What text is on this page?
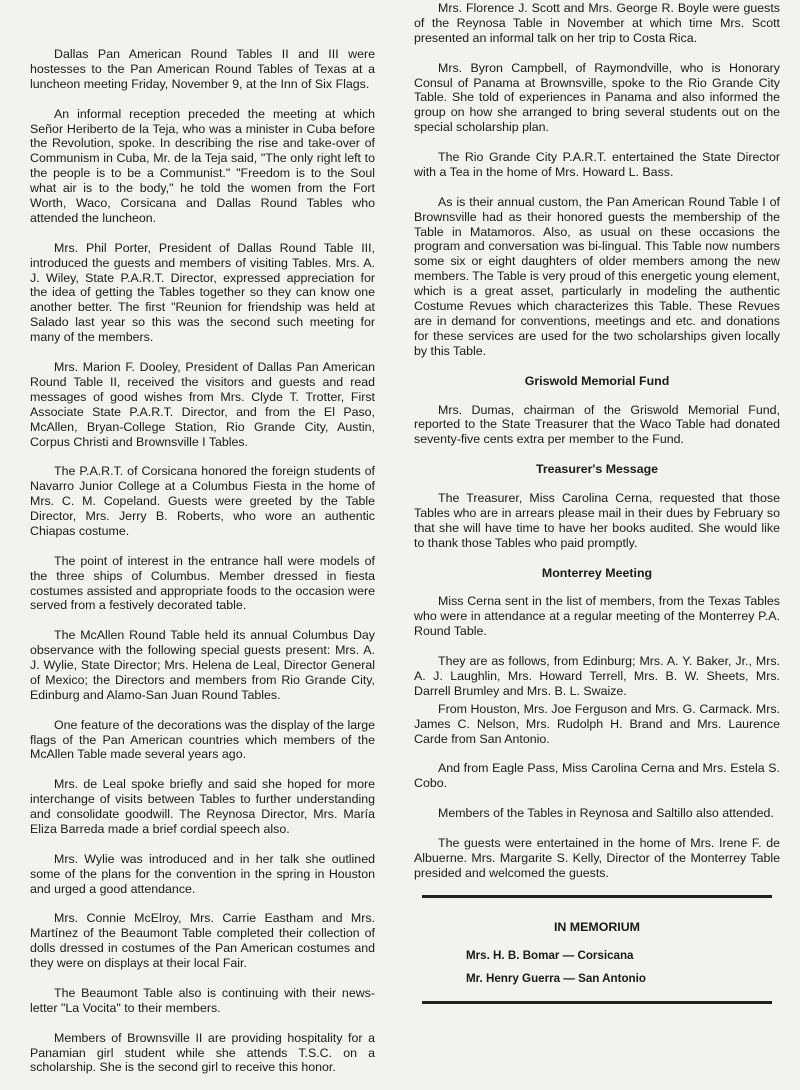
Dallas Pan American Round Tables II and III were hostesses to the Pan American Round Tables of Texas at a luncheon meeting Friday, November 9, at the Inn of Six Flags.

An informal reception preceded the meeting at which Señor Heriberto de la Teja, who was a minister in Cuba before the Revolution, spoke. In describing the rise and take-over of Communism in Cuba, Mr. de la Teja said, "The only right left to the people is to be a Communist." "Freedom is to the Soul what air is to the body," he told the women from the Fort Worth, Waco, Corsicana and Dallas Round Tables who attended the luncheon.

Mrs. Phil Porter, President of Dallas Round Table III, introduced the guests and members of visiting Tables. Mrs. A. J. Wiley, State P.A.R.T. Director, expressed appreciation for the idea of getting the Tables together so they can know one another better. The first "Reunion for friendship was held at Salado last year so this was the second such meeting for many of the members.

Mrs. Marion F. Dooley, President of Dallas Pan American Round Table II, received the visitors and guests and read messages of good wishes from Mrs. Clyde T. Trotter, First Associate State P.A.R.T. Director, and from the El Paso, McAllen, Bryan-College Station, Rio Grande City, Austin, Corpus Christi and Brownsville I Tables.

The P.A.R.T. of Corsicana honored the foreign students of Navarro Junior College at a Columbus Fiesta in the home of Mrs. C. M. Copeland. Guests were greeted by the Table Director, Mrs. Jerry B. Roberts, who wore an authentic Chiapas costume.

The point of interest in the entrance hall were models of the three ships of Columbus. Member dressed in fiesta costumes assisted and appropriate foods to the occasion were served from a festively decorated table.

The McAllen Round Table held its annual Columbus Day observance with the following special guests present: Mrs. A. J. Wylie, State Director; Mrs. Helena de Leal, Director General of Mexico; the Directors and members from Rio Grande City, Edinburg and Alamo-San Juan Round Tables.

One feature of the decorations was the display of the large flags of the Pan American countries which members of the McAllen Table made several years ago.

Mrs. de Leal spoke briefly and said she hoped for more interchange of visits between Tables to further understanding and consolidate goodwill. The Reynosa Director, Mrs. María Eliza Barreda made a brief cordial speech also.

Mrs. Wylie was introduced and in her talk she outlined some of the plans for the convention in the spring in Houston and urged a good attendance.

Mrs. Connie McElroy, Mrs. Carrie Eastham and Mrs. Martínez of the Beaumont Table completed their collection of dolls dressed in costumes of the Pan American costumes and they were on displays at their local Fair.

The Beaumont Table also is continuing with their news-letter "La Vocita" to their members.

Members of Brownsville II are providing hospitality for a Panamian girl student while she attends T.S.C. on a scholarship. She is the second girl to receive this honor.

Mrs. Florence J. Scott and Mrs. George R. Boyle were guests of the Reynosa Table in November at which time Mrs. Scott presented an informal talk on her trip to Costa Rica.

Mrs. Byron Campbell, of Raymondville, who is Honorary Consul of Panama at Brownsville, spoke to the Rio Grande City Table. She told of experiences in Panama and also informed the group on how she arranged to bring several students out on the special scholarship plan.

The Rio Grande City P.A.R.T. entertained the State Director with a Tea in the home of Mrs. Howard L. Bass.

As is their annual custom, the Pan American Round Table I of Brownsville had as their honored guests the membership of the Table in Matamoros. Also, as usual on these occasions the program and conversation was bi-lingual. This Table now numbers some six or eight daughters of older members among the new members. The Table is very proud of this energetic young element, which is a great asset, particularly in modeling the authentic Costume Revues which characterizes this Table. These Revues are in demand for conventions, meetings and etc. and donations for these services are used for the two scholarships given locally by this Table.

Griswold Memorial Fund

Mrs. Dumas, chairman of the Griswold Memorial Fund, reported to the State Treasurer that the Waco Table had donated seventy-five cents extra per member to the Fund.

Treasurer's Message

The Treasurer, Miss Carolina Cerna, requested that those Tables who are in arrears please mail in their dues by February so that she will have time to have her books audited. She would like to thank those Tables who paid promptly.

Monterrey Meeting

Miss Cerna sent in the list of members, from the Texas Tables who were in attendance at a regular meeting of the Monterrey P.A. Round Table.

They are as follows, from Edinburg; Mrs. A. Y. Baker, Jr., Mrs. A. J. Laughlin, Mrs. Howard Terrell, Mrs. B. W. Sheets, Mrs. Darrell Brumley and Mrs. B. L. Swaize.

From Houston, Mrs. Joe Ferguson and Mrs. G. Carmack. Mrs. James C. Nelson, Mrs. Rudolph H. Brand and Mrs. Laurence Carde from San Antonio.

And from Eagle Pass, Miss Carolina Cerna and Mrs. Estela S. Cobo.

Members of the Tables in Reynosa and Saltillo also attended.

The guests were entertained in the home of Mrs. Irene F. de Albuerne. Mrs. Margarite S. Kelly, Director of the Monterrey Table presided and welcomed the guests.

IN MEMORIUM
Mrs. H. B. Bomar — Corsicana
Mr. Henry Guerra — San Antonio
